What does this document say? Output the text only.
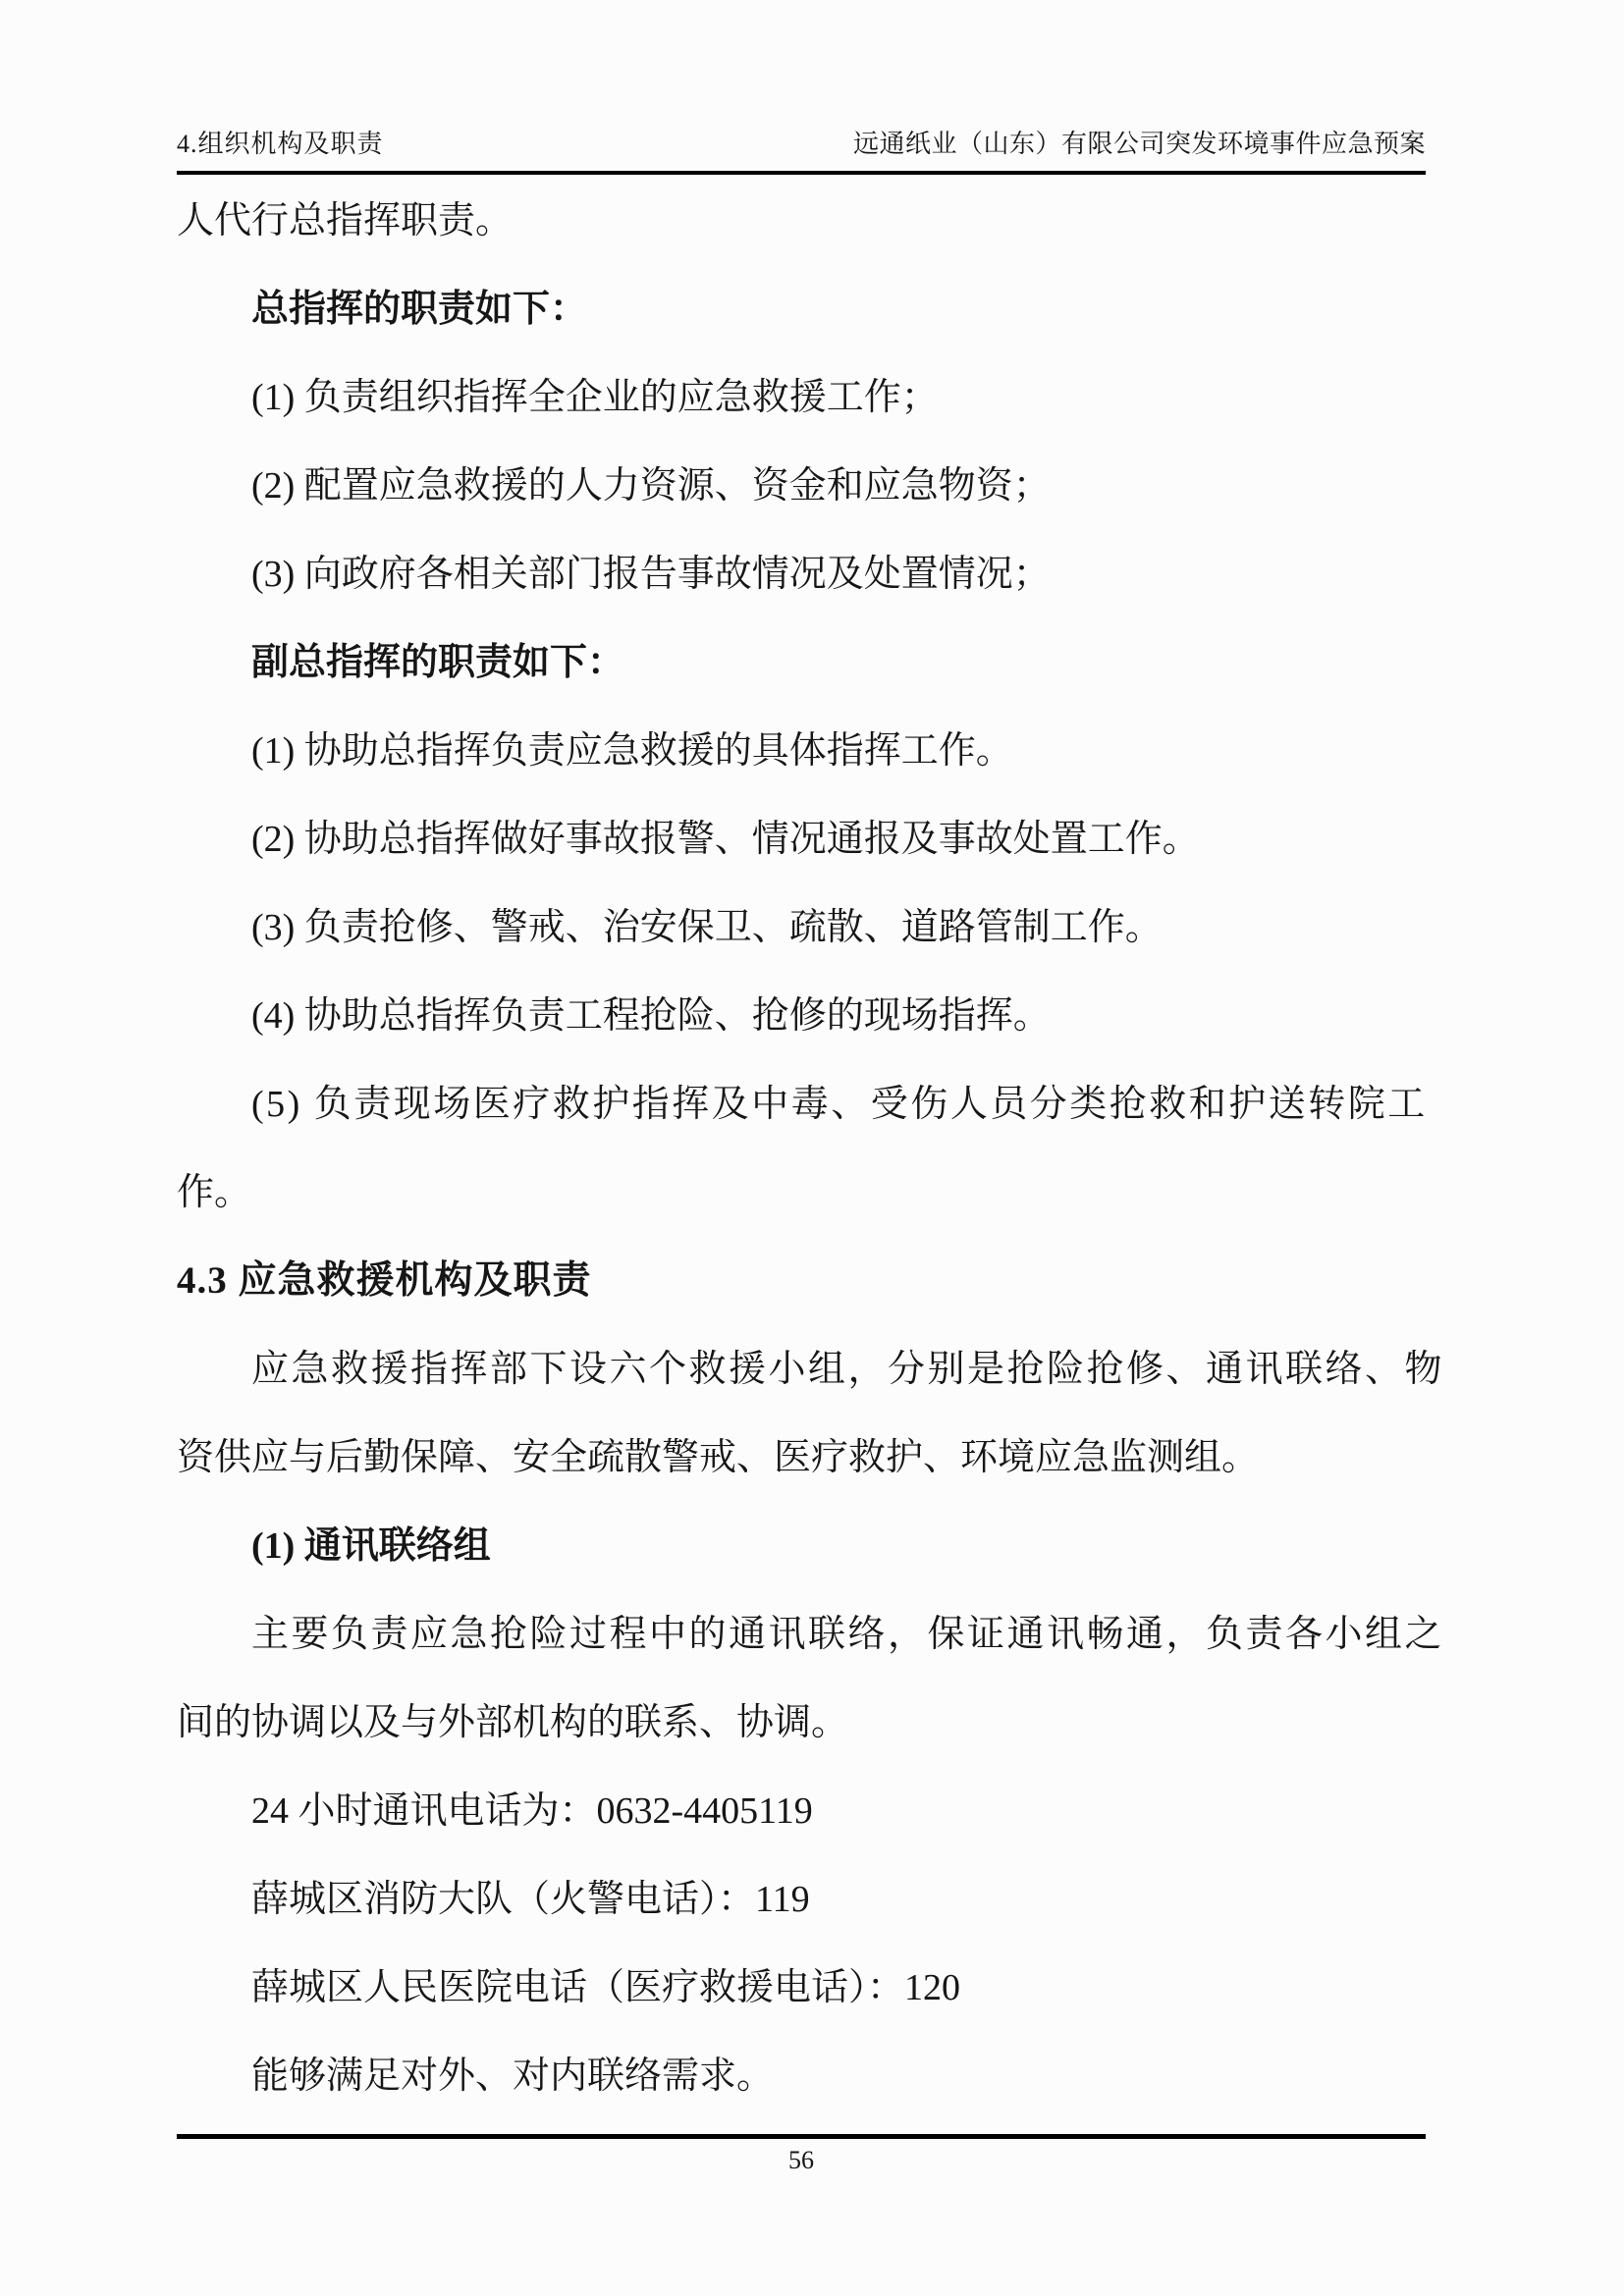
4.组织机构及职责	远通纸业（山东）有限公司突发环境事件应急预案

人代行总指挥职责。

总指挥的职责如下：

(1) 负责组织指挥全企业的应急救援工作；

(2) 配置应急救援的人力资源、资金和应急物资；

(3) 向政府各相关部门报告事故情况及处置情况；

副总指挥的职责如下：

(1) 协助总指挥负责应急救援的具体指挥工作。

(2) 协助总指挥做好事故报警、情况通报及事故处置工作。

(3) 负责抢修、警戒、治安保卫、疏散、道路管制工作。

(4) 协助总指挥负责工程抢险、抢修的现场指挥。

(5) 负责现场医疗救护指挥及中毒、受伤人员分类抢救和护送转院工

作。

4.3 应急救援机构及职责

应急救援指挥部下设六个救援小组，分别是抢险抢修、通讯联络、物

资供应与后勤保障、安全疏散警戒、医疗救护、环境应急监测组。

(1) 通讯联络组

主要负责应急抢险过程中的通讯联络，保证通讯畅通，负责各小组之

间的协调以及与外部机构的联系、协调。

24 小时通讯电话为：0632-4405119

薛城区消防大队（火警电话）：119

薛城区人民医院电话（医疗救援电话）：120

能够满足对外、对内联络需求。

56
